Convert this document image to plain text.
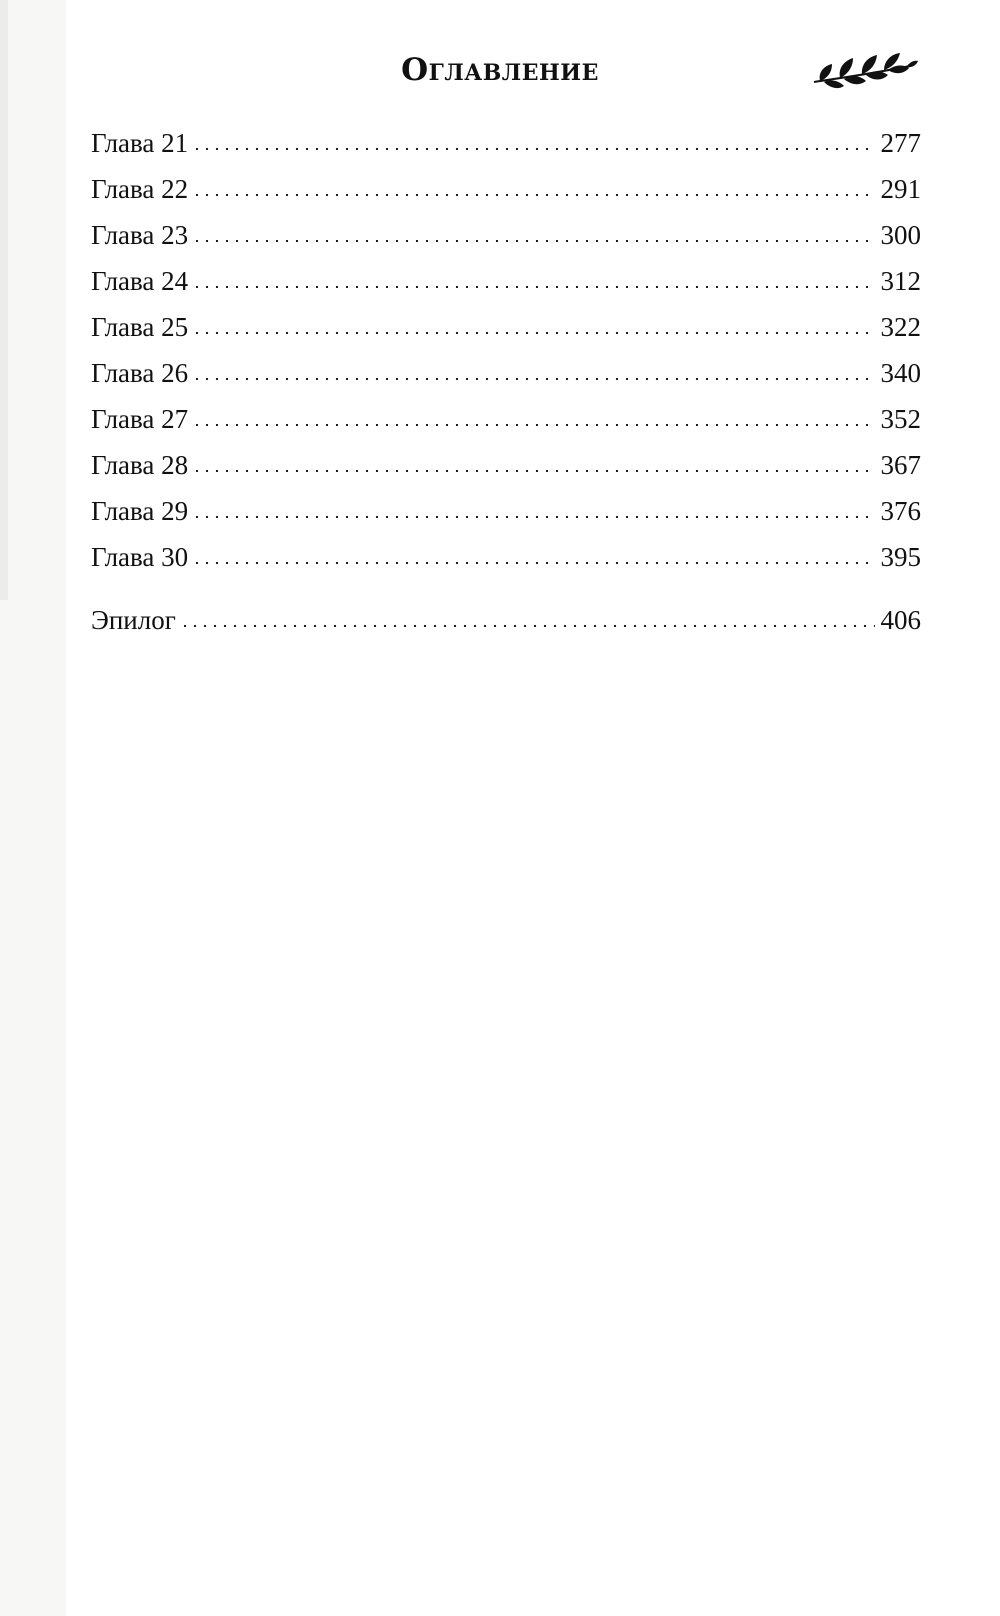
Оглавление
Глава 21	277
Глава 22	291
Глава 23	300
Глава 24	312
Глава 25	322
Глава 26	340
Глава 27	352
Глава 28	367
Глава 29	376
Глава 30	395
Эпилог	406
